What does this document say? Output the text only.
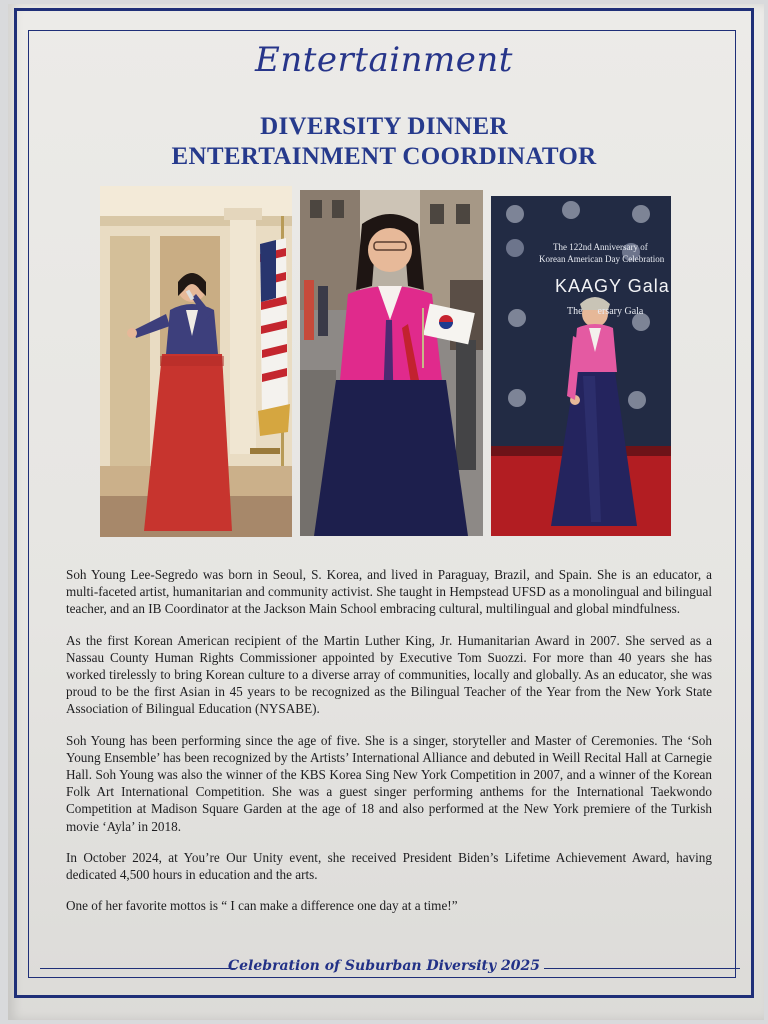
Entertainment
DIVERSITY DINNER
ENTERTAINMENT COORDINATOR
The 122nd Anniversary of
Korean American Day Celebration
KAAGY Gala
The      ersary Gala

Soh Young Lee-Segredo was born in Seoul, S. Korea, and lived in Paraguay, Brazil, and Spain. She is an educator, a multi-faceted artist, humanitarian and community activist. She taught in Hempstead UFSD as a monolingual and bilingual teacher, and an IB Coordinator at the Jackson Main School embracing cultural, multilingual and global mindfulness.

As the first Korean American recipient of the Martin Luther King, Jr. Humanitarian Award in 2007. She served as a Nassau County Human Rights Commissioner appointed by Executive Tom Suozzi. For more than 40 years she has worked tirelessly to bring Korean culture to a diverse array of communities, locally and globally. As an educator, she was proud to be the first Asian in 45 years to be recognized as the Bilingual Teacher of the Year from the New York State Association of Bilingual Education (NYSABE).

Soh Young has been performing since the age of five. She is a singer, storyteller and Master of Ceremonies. The ‘Soh Young Ensemble’ has been recognized by the Artists’ International Alliance and debuted in Weill Recital Hall at Carnegie Hall. Soh Young was also the winner of the KBS Korea Sing New York Competition in 2007, and a winner of the Korean Folk Art International Competition. She was a guest singer performing anthems for the International Taekwondo Competition at Madison Square Garden at the age of 18 and also performed at the New York premiere of the Turkish movie ‘Ayla’ in 2018.

In October 2024, at You’re Our Unity event, she received President Biden’s Lifetime Achievement Award, having dedicated 4,500 hours in education and the arts.

One of her favorite mottos is “ I can make a difference one day at a time!”

Celebration of Suburban Diversity 2025
